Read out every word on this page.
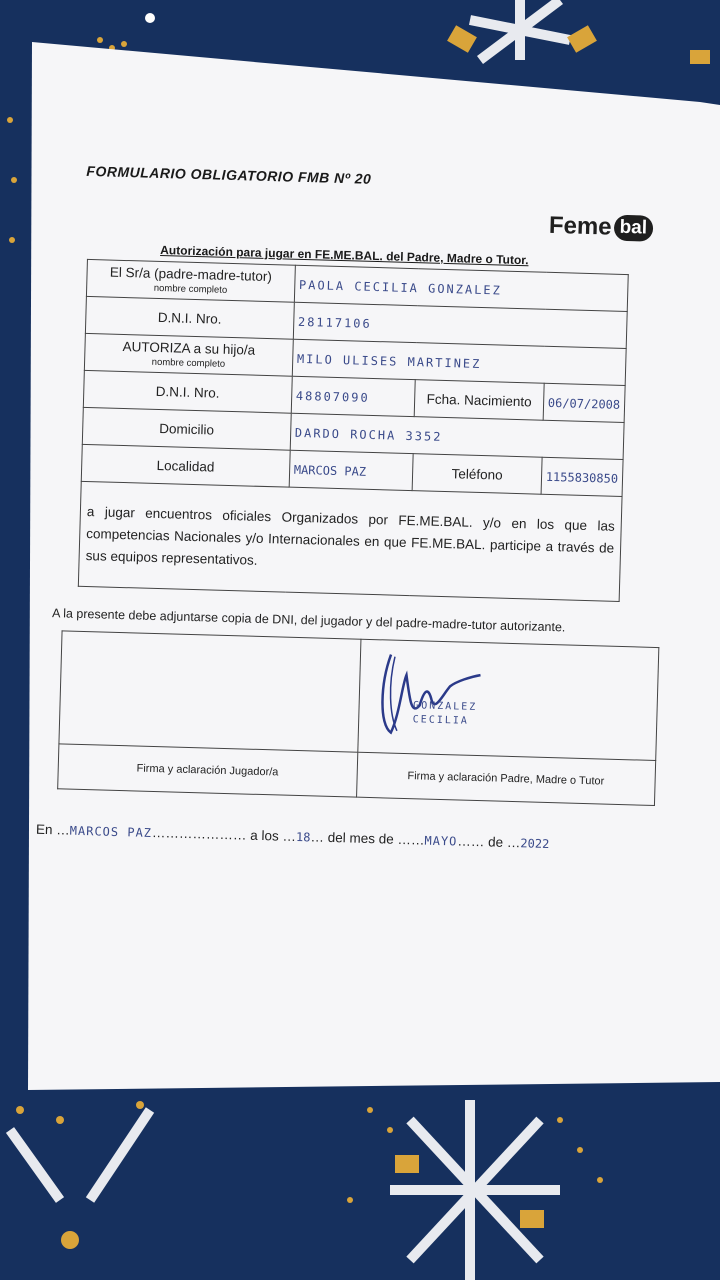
FORMULARIO OBLIGATORIO FMB Nº 20
Feme bal
Autorización para jugar en FE.ME.BAL. del Padre, Madre o Tutor.
El Sr/a (padre-madre-tutor)
nombre completo	PAOLA CECILIA GONZALEZ		
D.N.I. Nro.	28117106		
AUTORIZA a su hijo/a
nombre completo	MILO ULISES MARTINEZ		
D.N.I. Nro.	48807090	Fcha. Nacimiento	06/07/2008
Domicilio	DARDO ROCHA 3352		
Localidad	MARCOS PAZ	Teléfono	1155830850
a jugar encuentros oficiales Organizados por FE.ME.BAL. y/o en los que las competencias Nacionales y/o Internacionales en que FE.ME.BAL. participe a través de sus equipos representativos.			
A la presente debe adjuntarse copia de DNI, del jugador y del padre-madre-tutor autorizante.

	GONZALEZ CECILIA

Firma y aclaración Jugador/a	Firma y aclaración Padre, Madre o Tutor
En …MARCOS PAZ………………… a los …18… del mes de ……MAYO…… de …2022
